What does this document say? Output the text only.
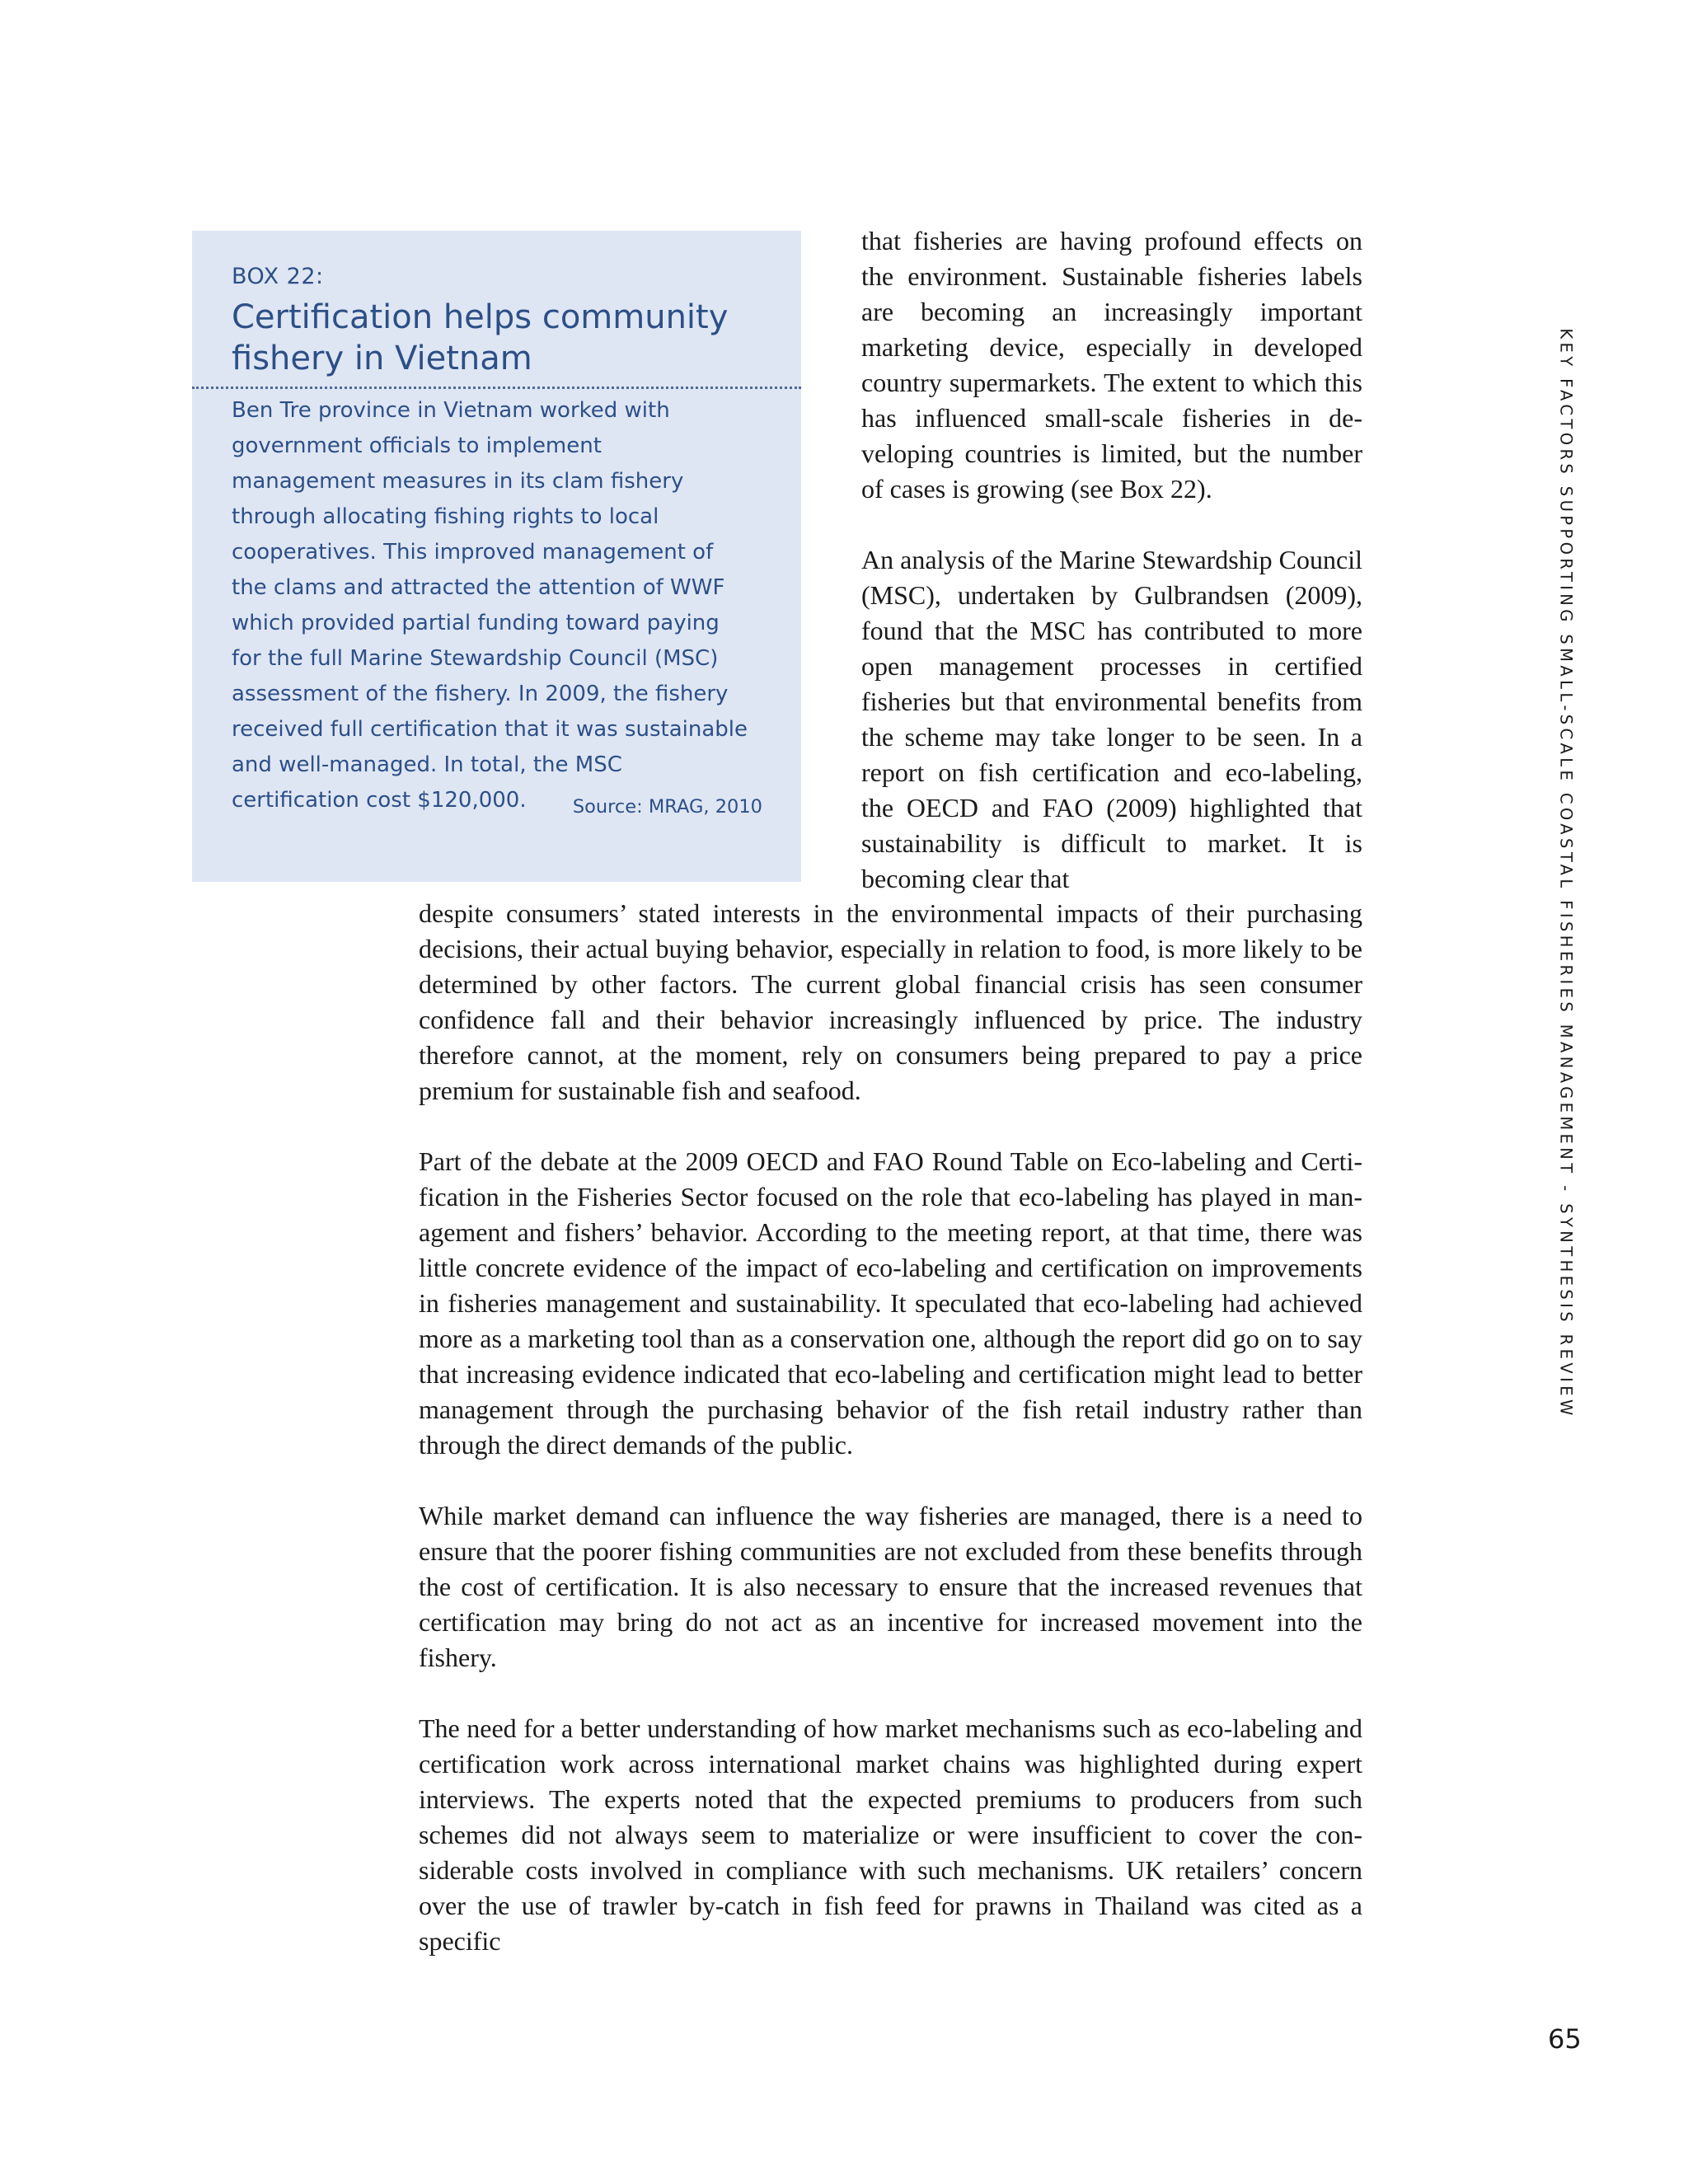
BOX 22:
Certification helps community fishery in Vietnam

Ben Tre province in Vietnam worked with government officials to implement management measures in its clam fishery through allocating fishing rights to local cooperatives. This improved management of the clams and attracted the attention of WWF which provided partial funding toward paying for the full Marine Stewardship Council (MSC) assessment of the fishery. In 2009, the fishery received full certification that it was sustainable and well-managed. In total, the MSC certification cost $120,000.	Source: MRAG, 2010

that fisheries are having profound effects on the environment. Sustainable fisheries labels are becoming an increasingly important marketing device, especially in developed country supermarkets. The extent to which this has influenced small-scale fisheries in developing countries is limited, but the number of cases is growing (see Box 22).

An analysis of the Marine Stewardship Council (MSC), undertaken by Gulbrandsen (2009), found that the MSC has contributed to more open management processes in certified fisheries but that environmental benefits from the scheme may take longer to be seen. In a report on fish certification and eco-labeling, the OECD and FAO (2009) highlighted that sustainability is difficult to market. It is becoming clear that

despite consumers’ stated interests in the environmental impacts of their purchasing decisions, their actual buying behavior, especially in relation to food, is more likely to be determined by other factors. The current global financial crisis has seen consumer confidence fall and their behavior increasingly influenced by price. The industry therefore cannot, at the moment, rely on consumers being prepared to pay a price premium for sustainable fish and seafood.

Part of the debate at the 2009 OECD and FAO Round Table on Eco-labeling and Certification in the Fisheries Sector focused on the role that eco-labeling has played in management and fishers’ behavior. According to the meeting report, at that time, there was little concrete evidence of the impact of eco-labeling and certification on improvements in fisheries management and sustainability. It speculated that eco-labeling had achieved more as a marketing tool than as a conservation one, although the report did go on to say that increasing evidence indicated that eco-labeling and certification might lead to better management through the purchasing behavior of the fish retail industry rather than through the direct demands of the public.

While market demand can influence the way fisheries are managed, there is a need to ensure that the poorer fishing communities are not excluded from these benefits through the cost of certification. It is also necessary to ensure that the increased revenues that certification may bring do not act as an incentive for increased movement into the fishery.

The need for a better understanding of how market mechanisms such as eco-labeling and certification work across international market chains was highlighted during expert interviews. The experts noted that the expected premiums to producers from such schemes did not always seem to materialize or were insufficient to cover the considerable costs involved in compliance with such mechanisms. UK retailers’ concern over the use of trawler by-catch in fish feed for prawns in Thailand was cited as a specific

KEY FACTORS SUPPORTING SMALL-SCALE COASTAL FISHERIES MANAGEMENT - SYNTHESIS REVIEW
65
